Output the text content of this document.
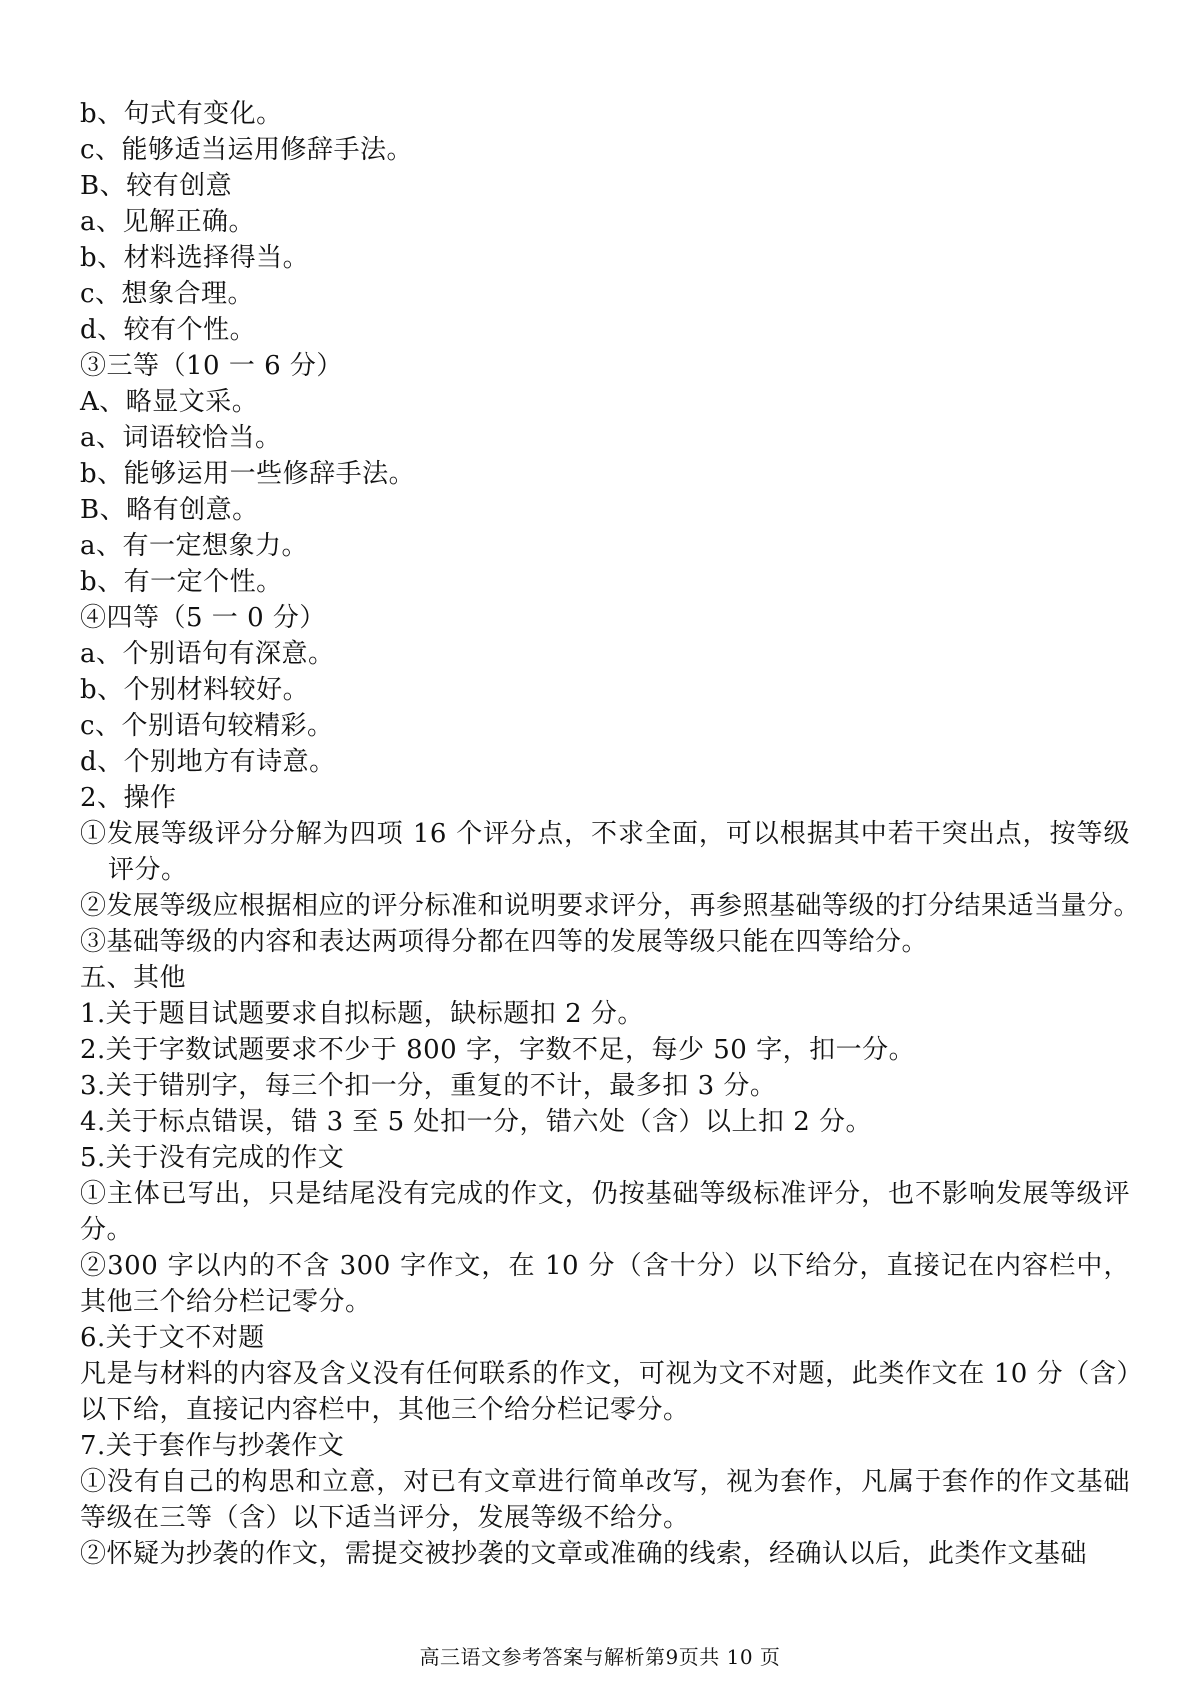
b、句式有变化。

c、能够适当运用修辞手法。

B、较有创意

a、见解正确。

b、材料选择得当。

c、想象合理。

d、较有个性。

③三等（10 一 6 分）

A、略显文采。

a、词语较恰当。

b、能够运用一些修辞手法。

B、略有创意。

a、有一定想象力。

b、有一定个性。

④四等（5 一 0 分）

a、个别语句有深意。

b、个别材料较好。

c、个别语句较精彩。

d、个别地方有诗意。

2、操作

①发展等级评分分解为四项 16 个评分点，不求全面，可以根据其中若干突出点，按等级评分。

②发展等级应根据相应的评分标准和说明要求评分，再参照基础等级的打分结果适当量分。

③基础等级的内容和表达两项得分都在四等的发展等级只能在四等给分。

五、其他

1.关于题目试题要求自拟标题，缺标题扣 2 分。

2.关于字数试题要求不少于 800 字，字数不足，每少 50 字，扣一分。

3.关于错别字，每三个扣一分，重复的不计，最多扣 3 分。

4.关于标点错误，错 3 至 5 处扣一分，错六处（含）以上扣 2 分。

5.关于没有完成的作文

①主体已写出，只是结尾没有完成的作文，仍按基础等级标准评分，也不影响发展等级评分。

②300 字以内的不含 300 字作文，在 10 分（含十分）以下给分，直接记在内容栏中，其他三个给分栏记零分。

6.关于文不对题

凡是与材料的内容及含义没有任何联系的作文，可视为文不对题，此类作文在 10 分（含）以下给，直接记内容栏中，其他三个给分栏记零分。

7.关于套作与抄袭作文

①没有自己的构思和立意，对已有文章进行简单改写，视为套作，凡属于套作的作文基础等级在三等（含）以下适当评分，发展等级不给分。

②怀疑为抄袭的作文，需提交被抄袭的文章或准确的线索，经确认以后，此类作文基础

高三语文参考答案与解析第9页共 10 页
